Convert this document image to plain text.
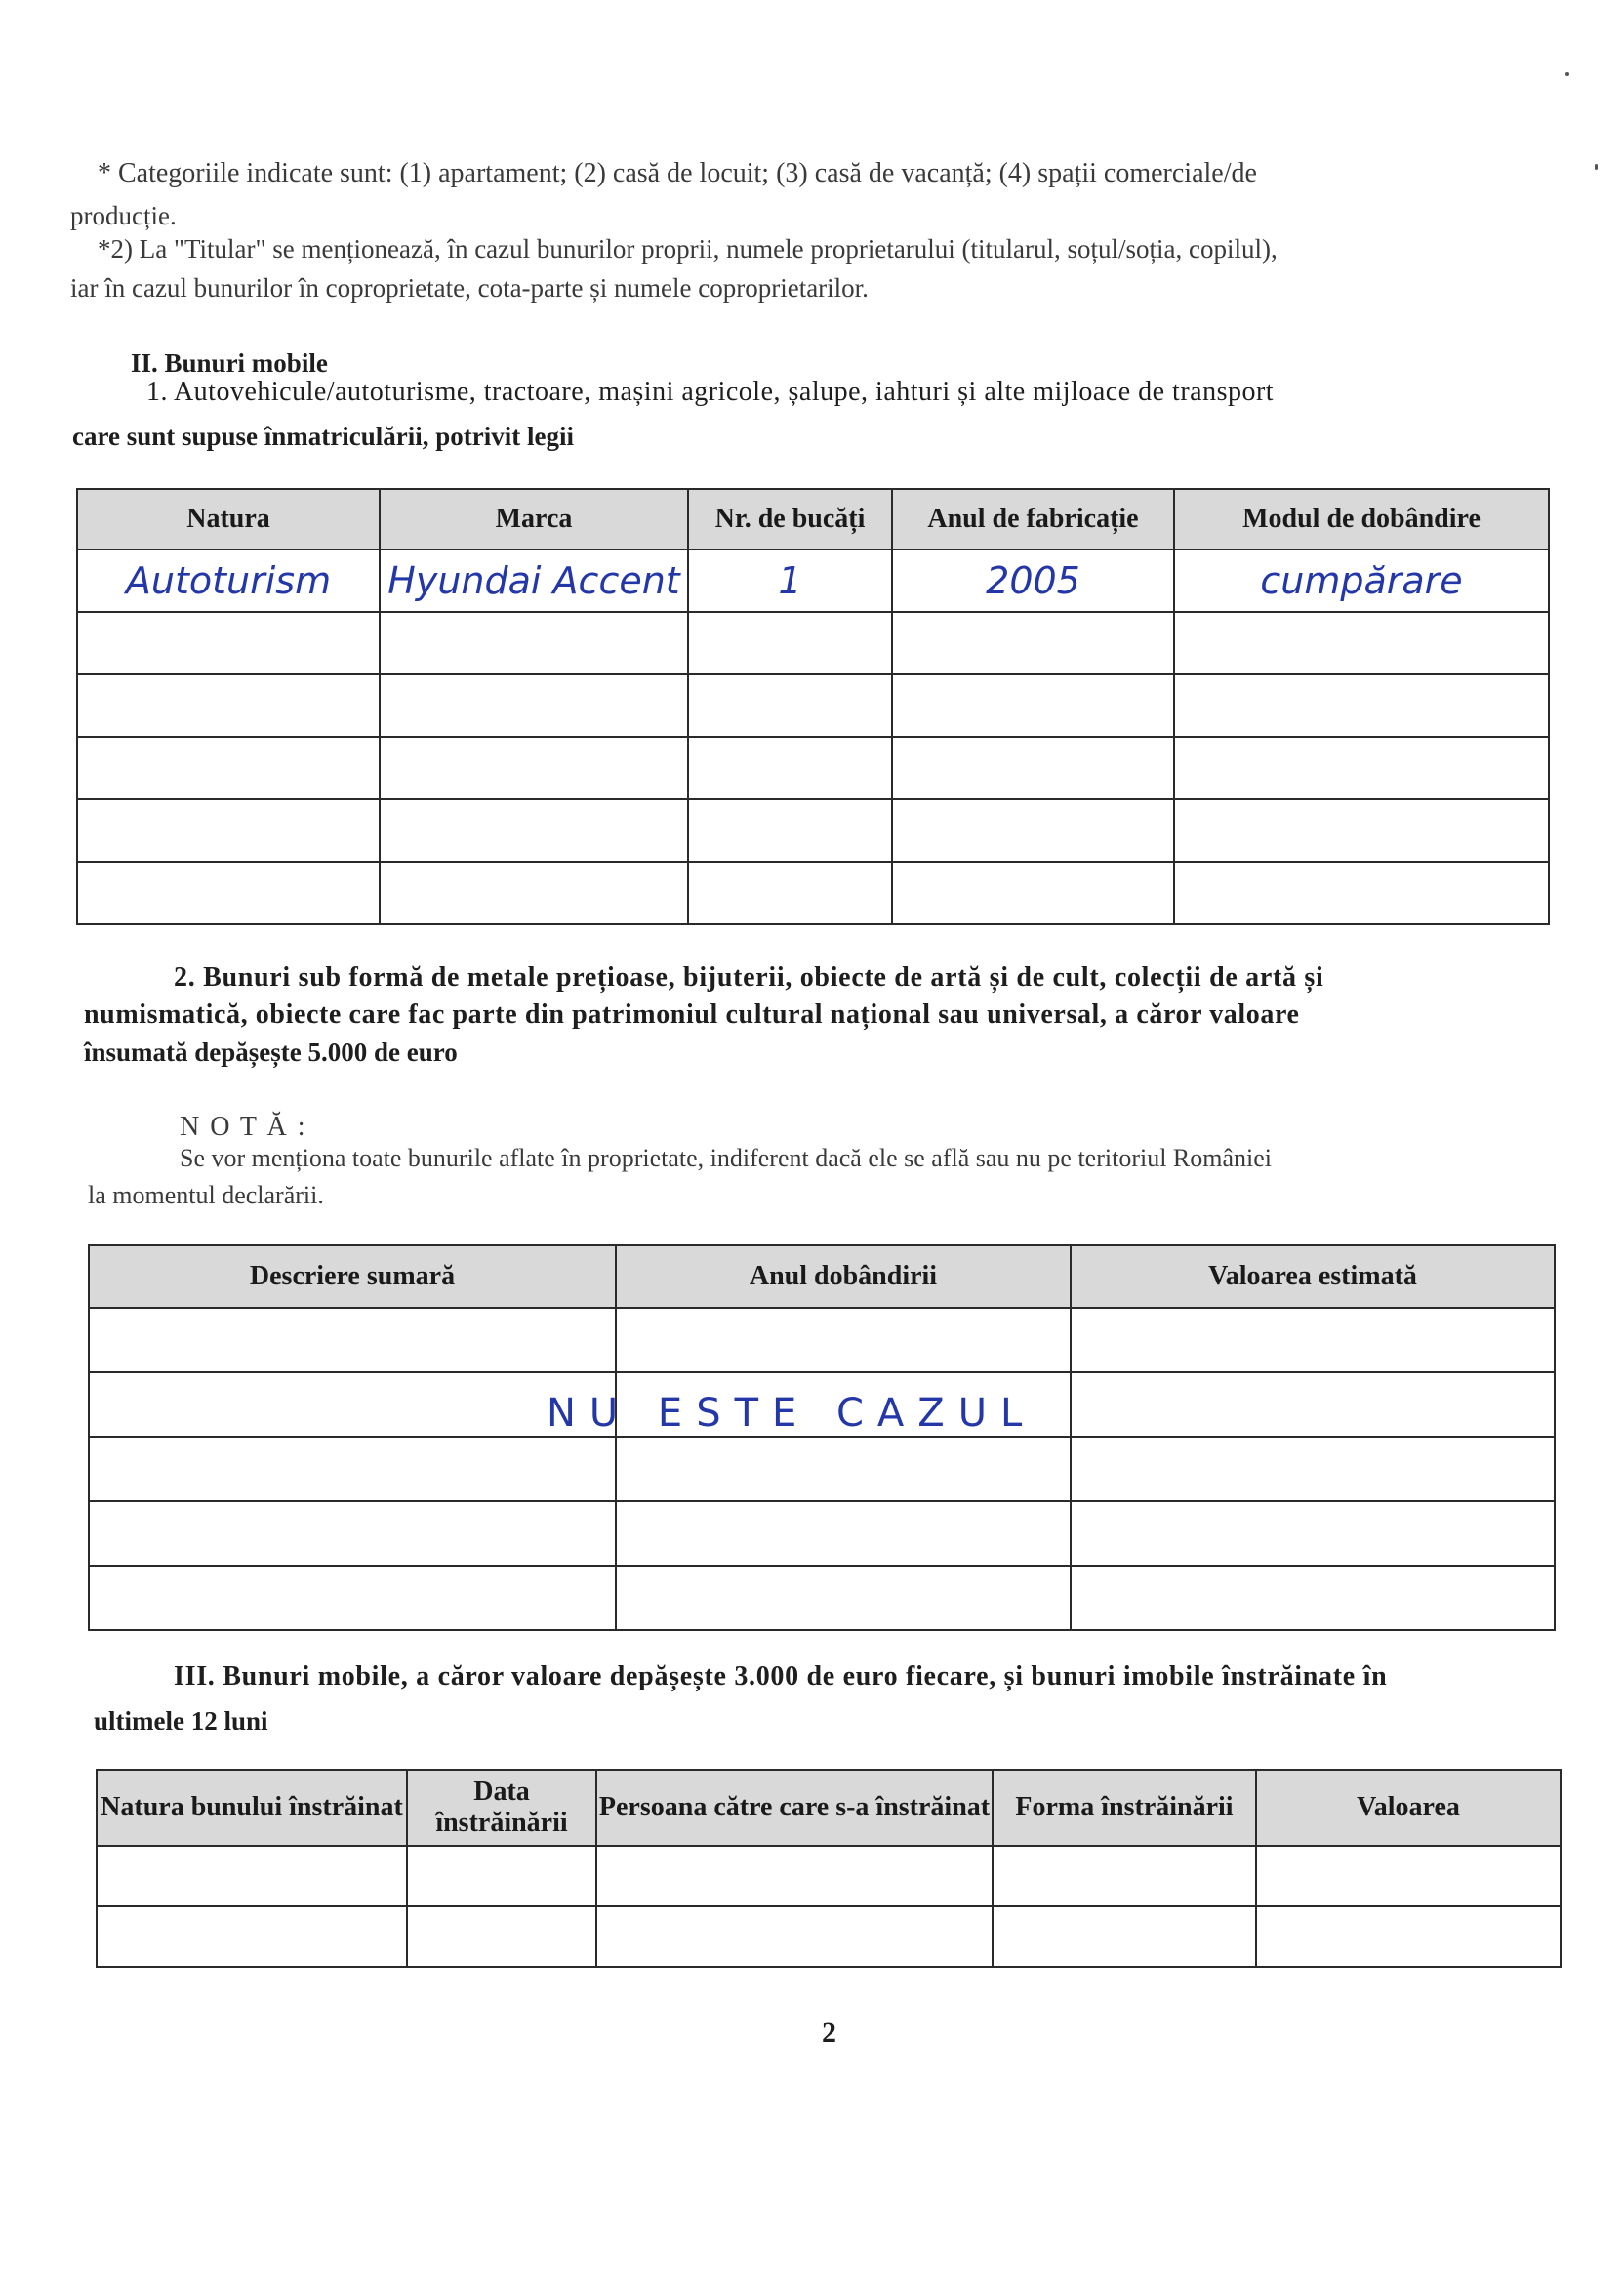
* Categoriile indicate sunt: (1) apartament; (2) casă de locuit; (3) casă de vacanță; (4) spații comerciale/de
producție.
*2) La "Titular" se menționează, în cazul bunurilor proprii, numele proprietarului (titularul, soțul/soția, copilul),
iar în cazul bunurilor în coproprietate, cota-parte și numele coproprietarilor.
II. Bunuri mobile
1. Autovehicule/autoturisme, tractoare, mașini agricole, șalupe, iahturi și alte mijloace de transport
care sunt supuse înmatriculării, potrivit legii
Natura	Marca	Nr. de bucăți	Anul de fabricație	Modul de dobândire
Autoturism	Hyundai Accent	1	2005	cumpărare

2. Bunuri sub formă de metale prețioase, bijuterii, obiecte de artă și de cult, colecții de artă și
numismatică, obiecte care fac parte din patrimoniul cultural național sau universal, a căror valoare
însumată depășește 5.000 de euro
N O T Ă :
Se vor menționa toate bunurile aflate în proprietate, indiferent dacă ele se află sau nu pe teritoriul României
la momentul declarării.
Descriere sumară	Anul dobândirii	Valoarea estimată

NU ESTE CAZUL
III. Bunuri mobile, a căror valoare depășește 3.000 de euro fiecare, și bunuri imobile înstrăinate în
ultimele 12 luni
Natura bunului înstrăinat	Data înstrăinării	Persoana către care s-a înstrăinat	Forma înstrăinării	Valoarea

2
